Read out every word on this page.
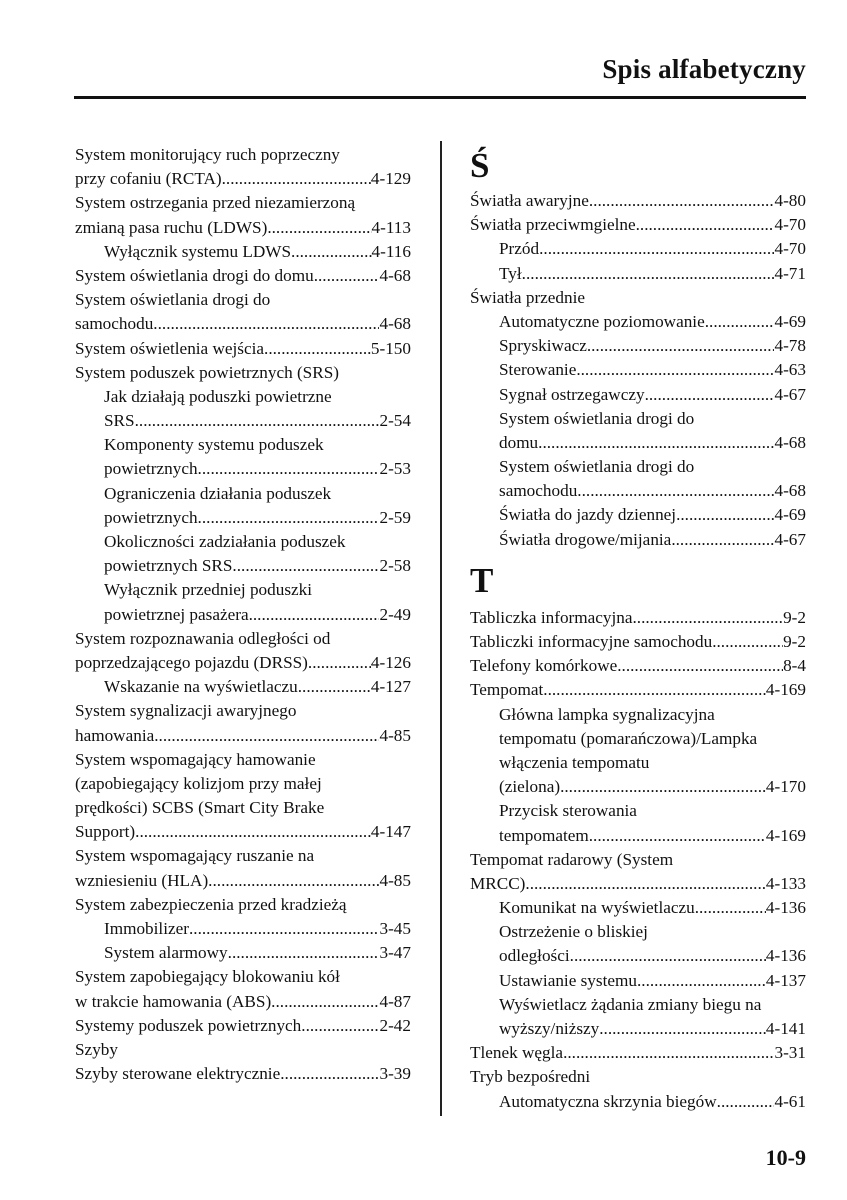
Spis alfabetyczny
System monitorujący ruch poprzeczny
przy cofaniu (RCTA) .....	4-129
System ostrzegania przed niezamierzoną
zmianą pasa ruchu (LDWS) .....	4-113
Wyłącznik systemu LDWS .....	4-116
System oświetlania drogi do domu .....	4-68
System oświetlania drogi do
samochodu .....	4-68
System oświetlenia wejścia .....	5-150
System poduszek powietrznych (SRS)
Jak działają poduszki powietrzne
SRS .....	2-54
Komponenty systemu poduszek
powietrznych .....	2-53
Ograniczenia działania poduszek
powietrznych .....	2-59
Okoliczności zadziałania poduszek
powietrznych SRS .....	2-58
Wyłącznik przedniej poduszki
powietrznej pasażera .....	2-49
System rozpoznawania odległości od
poprzedzającego pojazdu (DRSS) .....	4-126
Wskazanie na wyświetlaczu .....	4-127
System sygnalizacji awaryjnego
hamowania .....	4-85
System wspomagający hamowanie
(zapobiegający kolizjom przy małej
prędkości) SCBS (Smart City Brake
Support) .....	4-147
System wspomagający ruszanie na
wzniesieniu (HLA) .....	4-85
System zabezpieczenia przed kradzieżą
Immobilizer .....	3-45
System alarmowy .....	3-47
System zapobiegający blokowaniu kół
w trakcie hamowania (ABS) .....	4-87
Systemy poduszek powietrznych .....	2-42
Szyby
Szyby sterowane elektrycznie .....	3-39
Ś
Światła awaryjne .....	4-80
Światła przeciwmgielne .....	4-70
Przód .....	4-70
Tył .....	4-71
Światła przednie
Automatyczne poziomowanie .....	4-69
Spryskiwacz .....	4-78
Sterowanie .....	4-63
Sygnał ostrzegawczy .....	4-67
System oświetlania drogi do
domu .....	4-68
System oświetlania drogi do
samochodu .....	4-68
Światła do jazdy dziennej .....	4-69
Światła drogowe/mijania .....	4-67
T
Tabliczka informacyjna .....	9-2
Tabliczki informacyjne samochodu .....	9-2
Telefony komórkowe .....	8-4
Tempomat .....	4-169
Główna lampka sygnalizacyjna
tempomatu (pomarańczowa)/Lampka
włączenia tempomatu
(zielona) .....	4-170
Przycisk sterowania
tempomatem .....	4-169
Tempomat radarowy (System
MRCC) .....	4-133
Komunikat na wyświetlaczu .....	4-136
Ostrzeżenie o bliskiej
odległości .....	4-136
Ustawianie systemu .....	4-137
Wyświetlacz żądania zmiany biegu na
wyższy/niższy .....	4-141
Tlenek węgla .....	3-31
Tryb bezpośredni
Automatyczna skrzynia biegów .....	4-61
10-9
